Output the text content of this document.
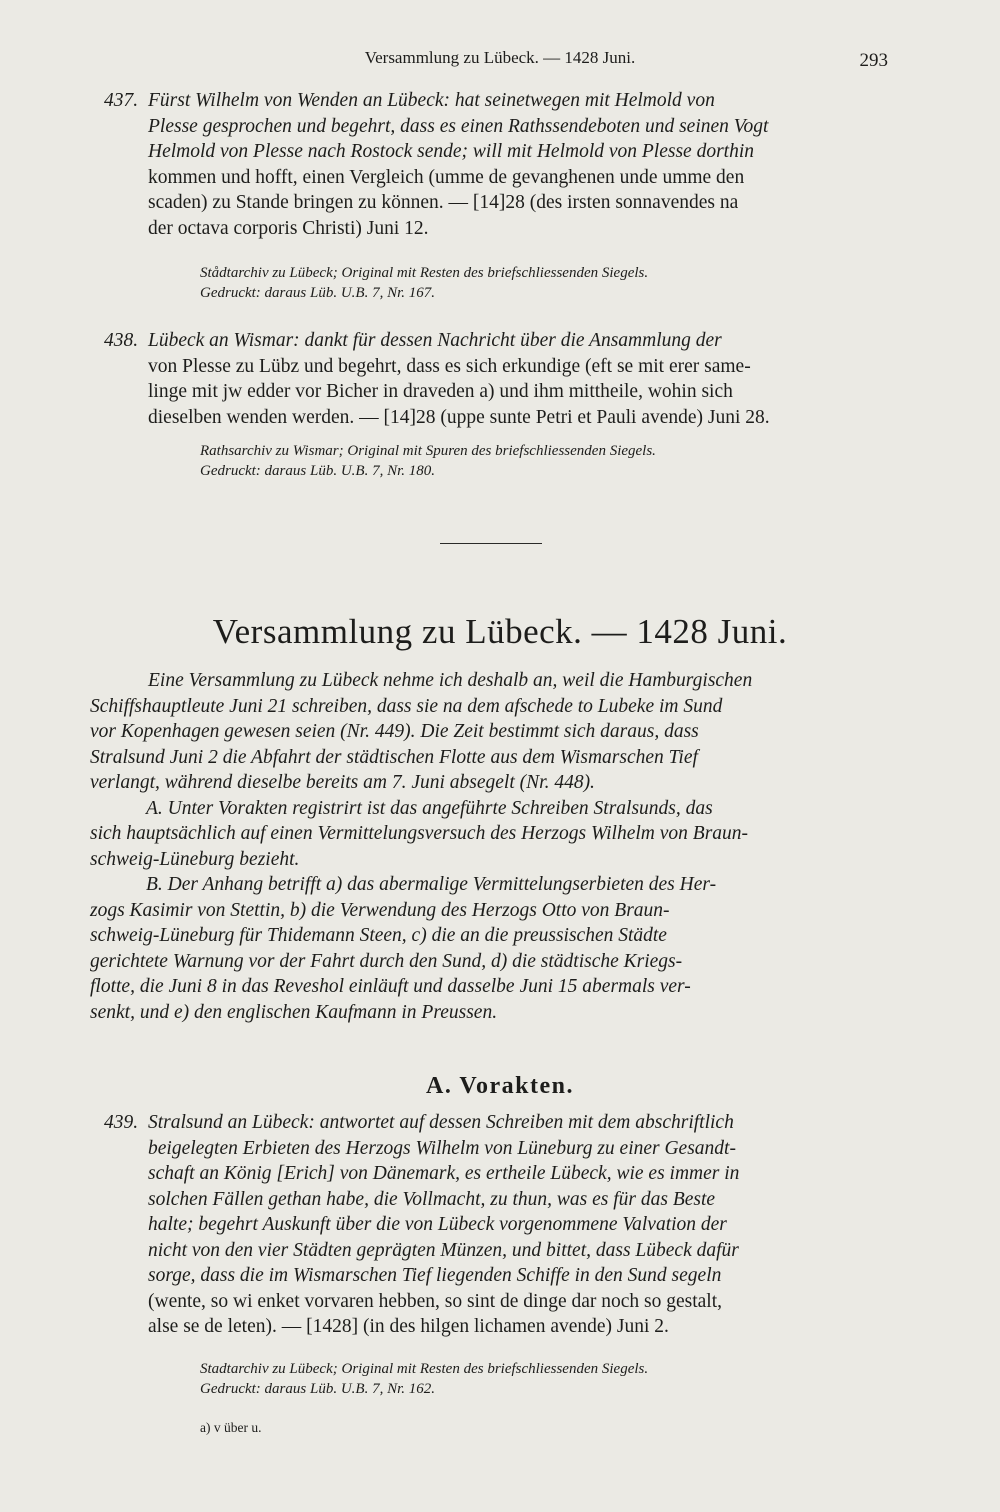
Versammlung zu Lübeck. — 1428 Juni.	293
437. Fürst Wilhelm von Wenden an Lübeck: hat seinetwegen mit Helmold von
Plesse gesprochen und begehrt, dass es einen Rathssendeboten und seinen Vogt
Helmold von Plesse nach Rostock sende; will mit Helmold von Plesse dorthin
kommen und hofft, einen Vergleich (umme de gevanghenen unde umme den
scaden) zu Stande bringen zu können. — [14]28 (des irsten sonnavendes na
der octava corporis Christi) Juni 12.
Stådtarchiv zu Lübeck; Original mit Resten des briefschliessenden Siegels.
Gedruckt: daraus Lüb. U.B. 7, Nr. 167.
438. Lübeck an Wismar: dankt für dessen Nachricht über die Ansammlung der
von Plesse zu Lübz und begehrt, dass es sich erkundige (eft se mit erer same-
linge mit jw edder vor Bicher in draveden a) und ihm mittheile, wohin sich
dieselben wenden werden. — [14]28 (uppe sunte Petri et Pauli avende) Juni 28.
Rathsarchiv zu Wismar; Original mit Spuren des briefschliessenden Siegels.
Gedruckt: daraus Lüb. U.B. 7, Nr. 180.
Versammlung zu Lübeck. — 1428 Juni.
Eine Versammlung zu Lübeck nehme ich deshalb an, weil die Hamburgischen
Schiffshauptleute Juni 21 schreiben, dass sie na dem afschede to Lubeke im Sund
vor Kopenhagen gewesen seien (Nr. 449). Die Zeit bestimmt sich daraus, dass
Stralsund Juni 2 die Abfahrt der städtischen Flotte aus dem Wismarschen Tief
verlangt, während dieselbe bereits am 7. Juni absegelt (Nr. 448).
A. Unter Vorakten registrirt ist das angeführte Schreiben Stralsunds, das
sich hauptsächlich auf einen Vermittelungsversuch des Herzogs Wilhelm von Braun-
schweig-Lüneburg bezieht.
B. Der Anhang betrifft a) das abermalige Vermittelungserbieten des Her-
zogs Kasimir von Stettin, b) die Verwendung des Herzogs Otto von Braun-
schweig-Lüneburg für Thidemann Steen, c) die an die preussischen Städte
gerichtete Warnung vor der Fahrt durch den Sund, d) die städtische Kriegs-
flotte, die Juni 8 in das Reveshol einläuft und dasselbe Juni 15 abermals ver-
senkt, und e) den englischen Kaufmann in Preussen.
A. Vorakten.
439. Stralsund an Lübeck: antwortet auf dessen Schreiben mit dem abschriftlich
beigelegten Erbieten des Herzogs Wilhelm von Lüneburg zu einer Gesandt-
schaft an König [Erich] von Dänemark, es ertheile Lübeck, wie es immer in
solchen Fällen gethan habe, die Vollmacht, zu thun, was es für das Beste
halte; begehrt Auskunft über die von Lübeck vorgenommene Valvation der
nicht von den vier Städten geprägten Münzen, und bittet, dass Lübeck dafür
sorge, dass die im Wismarschen Tief liegenden Schiffe in den Sund segeln
(wente, so wi enket vorvaren hebben, so sint de dinge dar noch so gestalt,
alse se de leten). — [1428] (in des hilgen lichamen avende) Juni 2.
Stadtarchiv zu Lübeck; Original mit Resten des briefschliessenden Siegels.
Gedruckt: daraus Lüb. U.B. 7, Nr. 162.
a) v über u.
